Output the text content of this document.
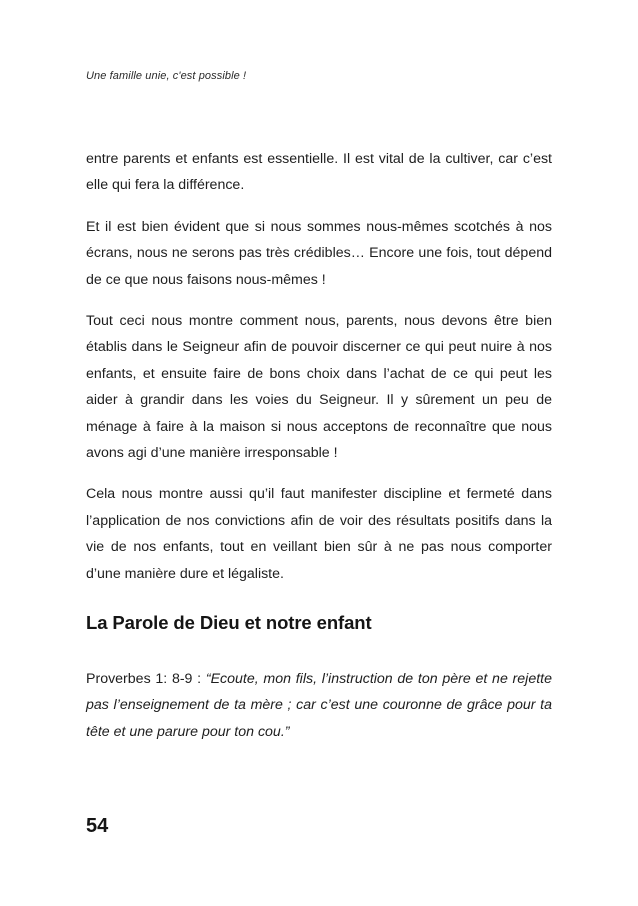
Une famille unie, c'est possible !

entre parents et enfants est essentielle. Il est vital de la cultiver, car c’est elle qui fera la différence.

Et il est bien évident que si nous sommes nous-mêmes scotchés à nos écrans, nous ne serons pas très crédibles… Encore une fois, tout dépend de ce que nous faisons nous-mêmes !

Tout ceci nous montre comment nous, parents, nous devons être bien établis dans le Seigneur afin de pouvoir discerner ce qui peut nuire à nos enfants, et ensuite faire de bons choix dans l’achat de ce qui peut les aider à grandir dans les voies du Seigneur. Il y sûrement un peu de ménage à faire à la maison si nous acceptons de reconnaître que nous avons agi d’une manière irresponsable !

Cela nous montre aussi qu’il faut manifester discipline et fermeté dans l’application de nos convictions afin de voir des résultats positifs dans la vie de nos enfants, tout en veillant bien sûr à ne pas nous comporter d’une manière dure et légaliste.

La Parole de Dieu et notre enfant

Proverbes 1: 8-9 : “Ecoute, mon fils, l’instruction de ton père et ne rejette pas l’enseignement de ta mère ; car c’est une couronne de grâce pour ta tête et une parure pour ton cou.”

54
